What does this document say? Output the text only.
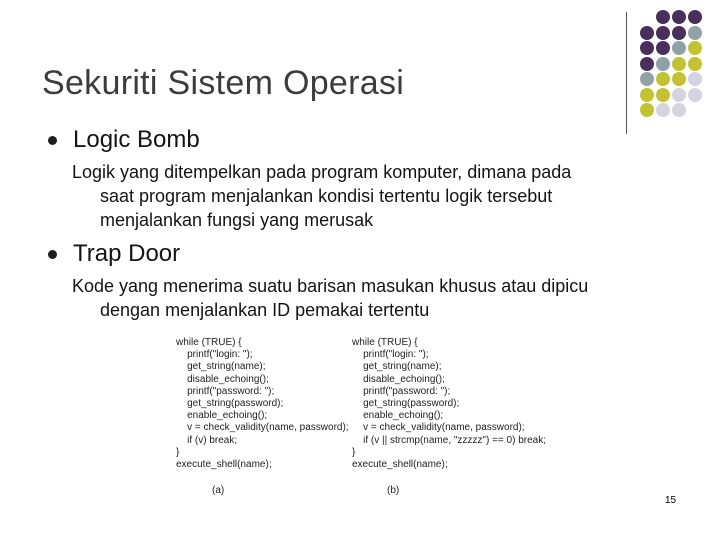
Sekuriti Sistem Operasi
Logic Bomb
Logik yang ditempelkan pada program komputer, dimana pada
saat program menjalankan kondisi tertentu logik tersebut
menjalankan fungsi yang merusak
Trap Door
Kode yang menerima suatu barisan masukan khusus atau dipicu
dengan menjalankan ID pemakai tertentu
while (TRUE) {
printf("login: ");
get_string(name);
disable_echoing();
printf("password: ");
get_string(password);
enable_echoing();
v = check_validity(name, password);
if (v) break;
}
execute_shell(name);
(a)
while (TRUE) {
printf("login: ");
get_string(name);
disable_echoing();
printf("password: ");
get_string(password);
enable_echoing();
v = check_validity(name, password);
if (v || strcmp(name, "zzzzz") == 0) break;
}
execute_shell(name);
(b)
15
